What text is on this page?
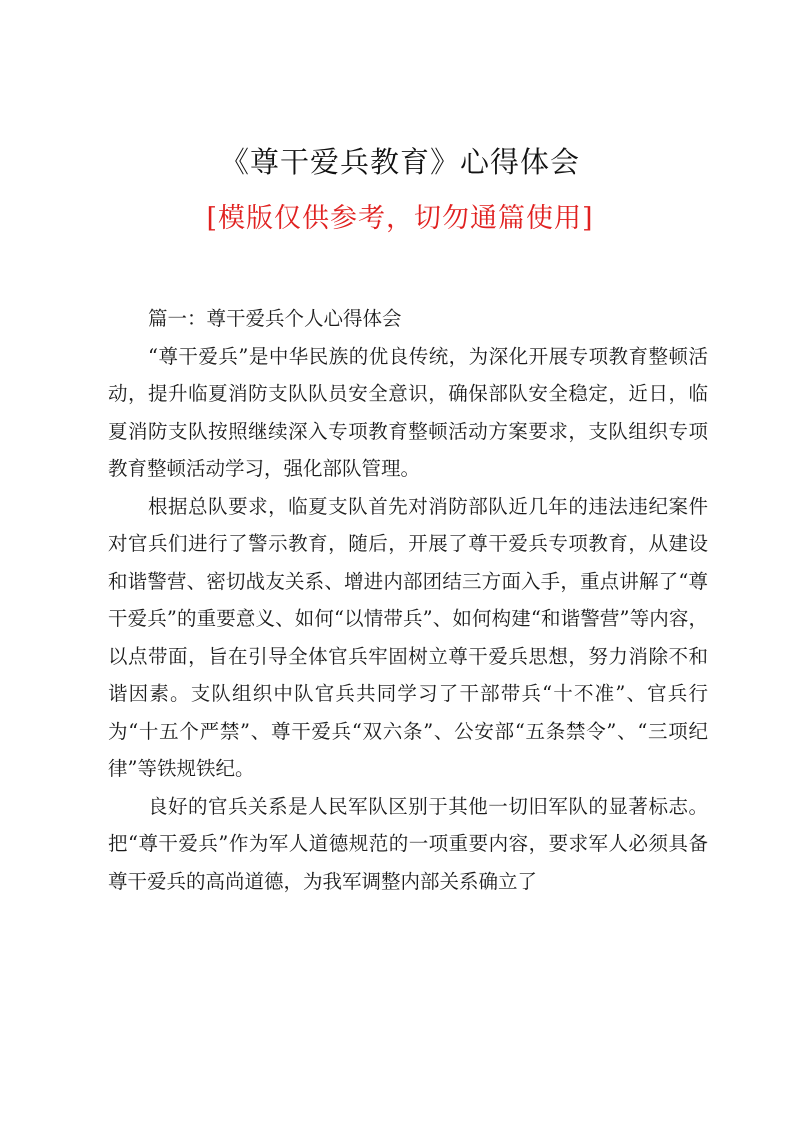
《尊干爱兵教育》心得体会
[模版仅供参考，切勿通篇使用]

篇一：尊干爱兵个人心得体会

“尊干爱兵”是中华民族的优良传统，为深化开展专项教育整顿活动，提升临夏消防支队队员安全意识，确保部队安全稳定，近日，临夏消防支队按照继续深入专项教育整顿活动方案要求，支队组织专项教育整顿活动学习，强化部队管理。

根据总队要求，临夏支队首先对消防部队近几年的违法违纪案件对官兵们进行了警示教育，随后，开展了尊干爱兵专项教育，从建设和谐警营、密切战友关系、增进内部团结三方面入手，重点讲解了“尊干爱兵”的重要意义、如何“以情带兵”、如何构建“和谐警营”等内容，以点带面，旨在引导全体官兵牢固树立尊干爱兵思想，努力消除不和谐因素。支队组织中队官兵共同学习了干部带兵“十不准”、官兵行为“十五个严禁”、尊干爱兵“双六条”、公安部“五条禁令”、“三项纪律”等铁规铁纪。

良好的官兵关系是人民军队区别于其他一切旧军队的显著标志。把“尊干爱兵”作为军人道德规范的一项重要内容，要求军人必须具备尊干爱兵的高尚道德，为我军调整内部关系确立了
